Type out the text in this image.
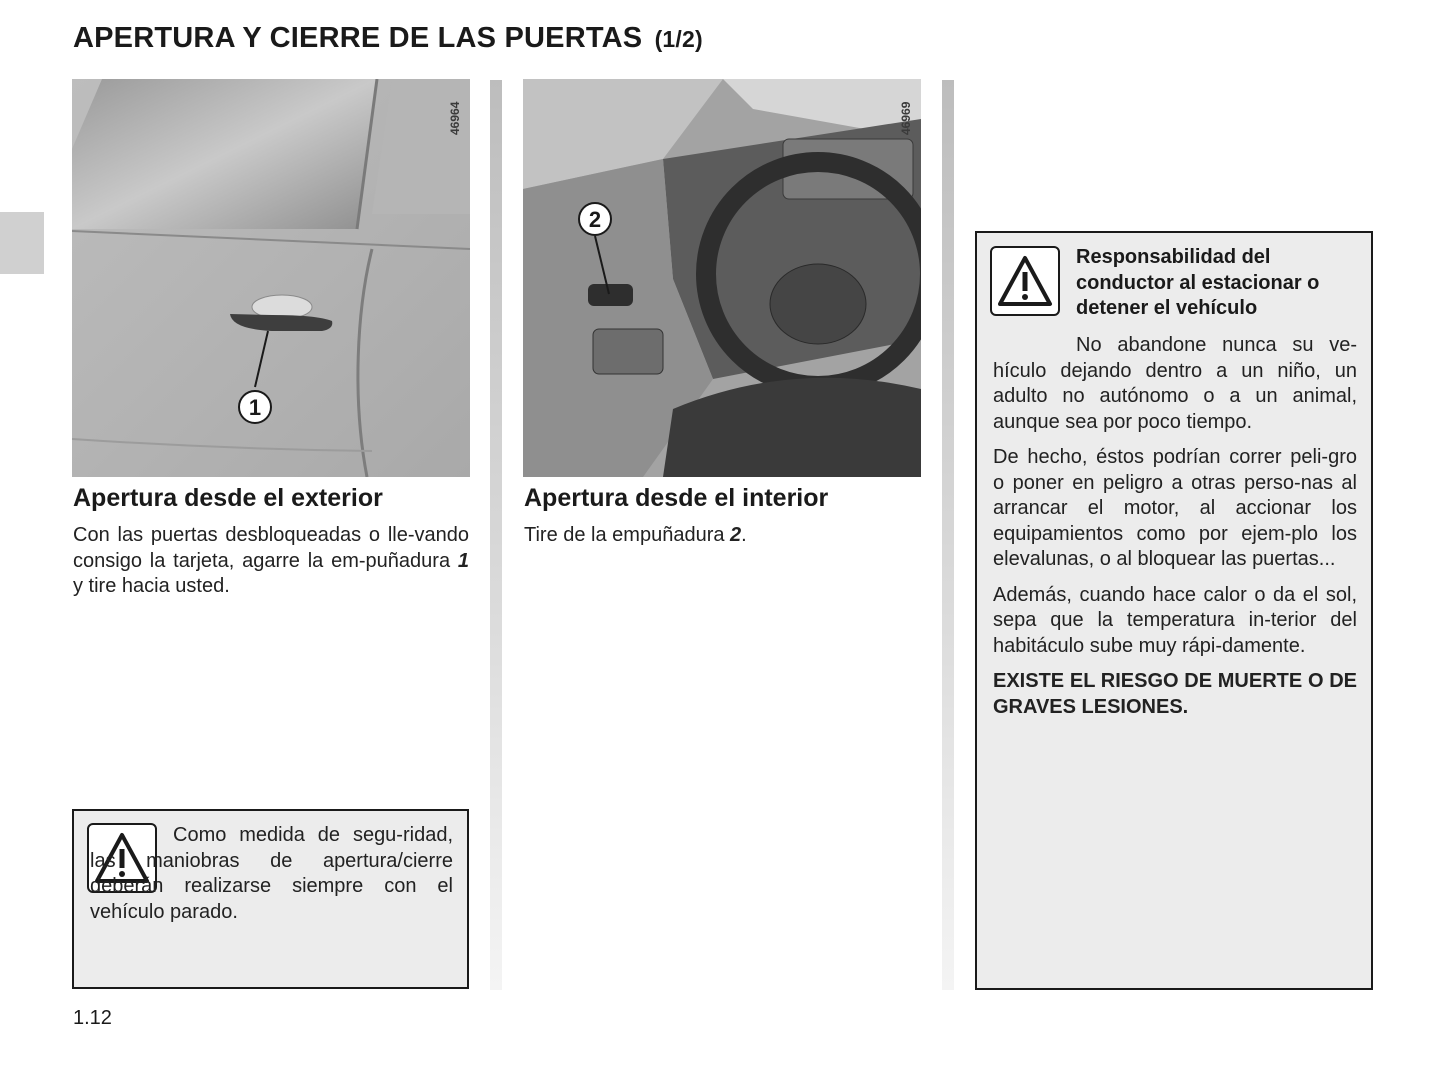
APERTURA Y CIERRE DE LAS PUERTAS (1/2)
1
46964
2
46969
Apertura desde el exterior
Con las puertas desbloqueadas o lle-vando consigo la tarjeta, agarre la em-puñadura 1 y tire hacia usted.
Apertura desde el interior
Tire de la empuñadura 2.
Como medida de segu-ridad, las maniobras de apertura/cierre deberán realizarse siempre con el vehículo parado.
Responsabilidad del conductor al estacionar o detener el vehículo

No abandone nunca su ve-hículo dejando dentro a un niño, un adulto no autónomo o a un animal, aunque sea por poco tiempo.

De hecho, éstos podrían correr peli-gro o poner en peligro a otras perso-nas al arrancar el motor, al accionar los equipamientos como por ejem-plo los elevalunas, o al bloquear las puertas...

Además, cuando hace calor o da el sol, sepa que la temperatura in-terior del habitáculo sube muy rápi-damente.

EXISTE EL RIESGO DE MUERTE O DE GRAVES LESIONES.

1.12
